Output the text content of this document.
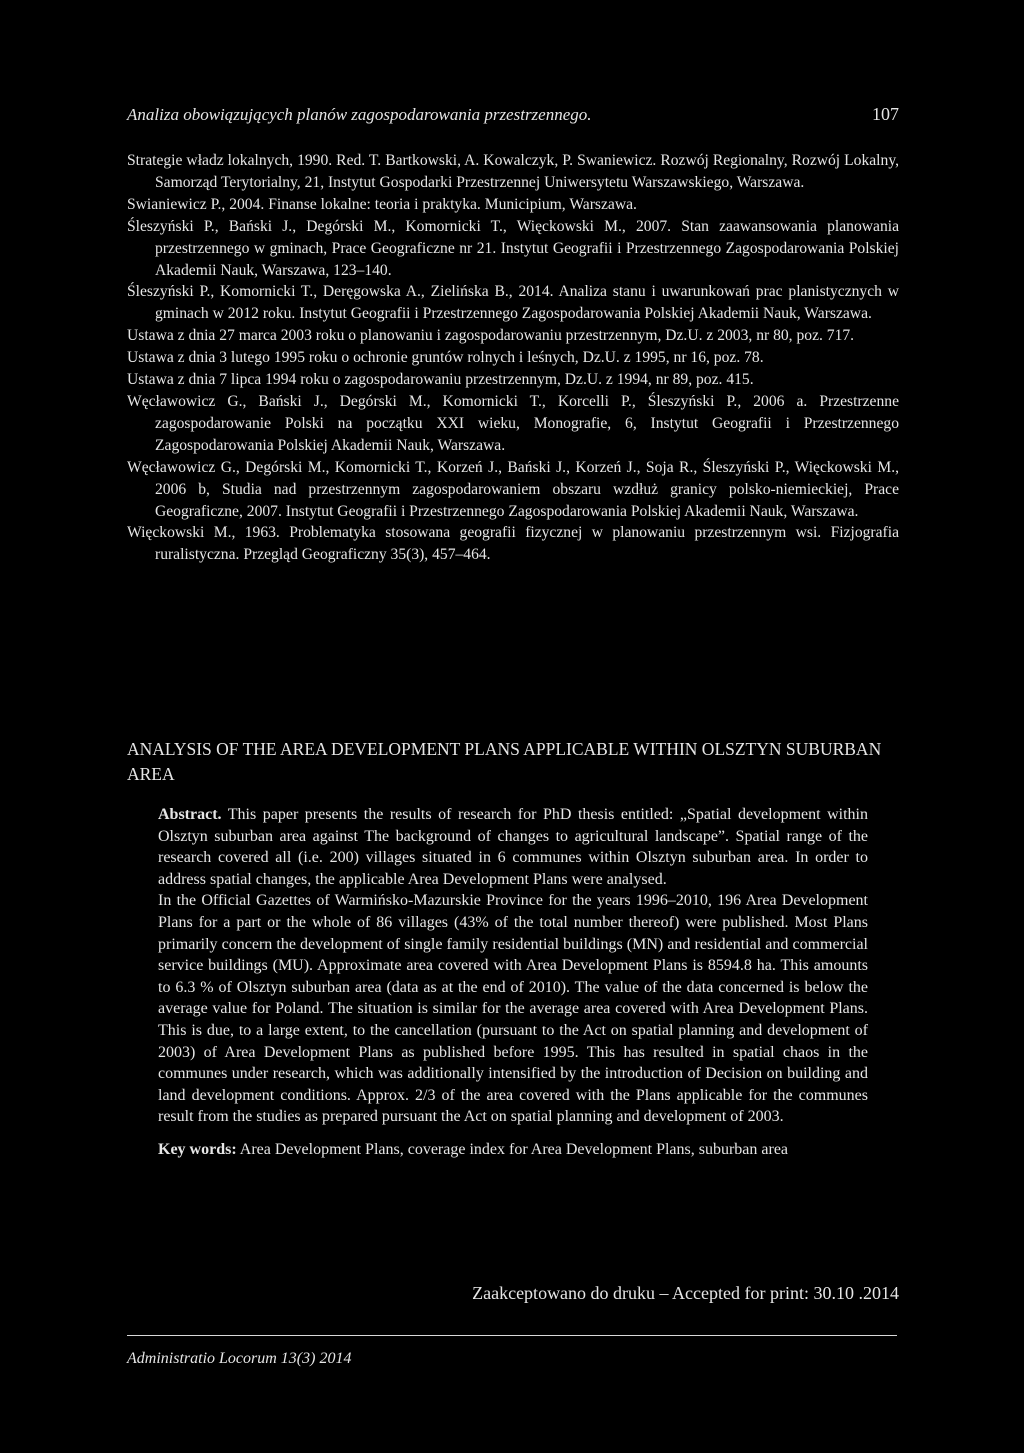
Analiza obowiązujących planów zagospodarowania przestrzennego.	107
Strategie władz lokalnych, 1990. Red. T. Bartkowski, A. Kowalczyk, P. Swaniewicz. Rozwój Regionalny, Rozwój Lokalny, Samorząd Terytorialny, 21, Instytut Gospodarki Przestrzennej Uniwersytetu Warszawskiego, Warszawa.
Swianiewicz P., 2004. Finanse lokalne: teoria i praktyka. Municipium, Warszawa.
Śleszyński P., Bański J., Degórski M., Komornicki T., Więckowski M., 2007. Stan zaawansowania planowania przestrzennego w gminach, Prace Geograficzne nr 21. Instytut Geografii i Przestrzennego Zagospodarowania Polskiej Akademii Nauk, Warszawa, 123–140.
Śleszyński P., Komornicki T., Deręgowska A., Zielińska B., 2014. Analiza stanu i uwarunkowań prac planistycznych w gminach w 2012 roku. Instytut Geografii i Przestrzennego Zagospodarowania Polskiej Akademii Nauk, Warszawa.
Ustawa z dnia 27 marca 2003 roku o planowaniu i zagospodarowaniu przestrzennym, Dz.U. z 2003, nr 80, poz. 717.
Ustawa z dnia 3 lutego 1995 roku o ochronie gruntów rolnych i leśnych, Dz.U. z 1995, nr 16, poz. 78.
Ustawa z dnia 7 lipca 1994 roku o zagospodarowaniu przestrzennym, Dz.U. z 1994, nr 89, poz. 415.
Węcławowicz G., Bański J., Degórski M., Komornicki T., Korcelli P., Śleszyński P., 2006 a. Przestrzenne zagospodarowanie Polski na początku XXI wieku, Monografie, 6, Instytut Geografii i Przestrzennego Zagospodarowania Polskiej Akademii Nauk, Warszawa.
Węcławowicz G., Degórski M., Komornicki T., Korzeń J., Bański J., Korzeń J., Soja R., Śleszyński P., Więckowski M., 2006 b, Studia nad przestrzennym zagospodarowaniem obszaru wzdłuż granicy polsko-niemieckiej, Prace Geograficzne, 2007. Instytut Geografii i Przestrzennego Zagospodarowania Polskiej Akademii Nauk, Warszawa.
Więckowski M., 1963. Problematyka stosowana geografii fizycznej w planowaniu przestrzennym wsi. Fizjografia ruralistyczna. Przegląd Geograficzny 35(3), 457–464.
ANALYSIS OF THE AREA DEVELOPMENT PLANS APPLICABLE WITHIN OLSZTYN SUBURBAN AREA

Abstract. This paper presents the results of research for PhD thesis entitled: „Spatial development within Olsztyn suburban area against The background of changes to agricultural landscape”. Spatial range of the research covered all (i.e. 200) villages situated in 6 communes within Olsztyn suburban area. In order to address spatial changes, the applicable Area Development Plans were analysed.

In the Official Gazettes of Warmińsko-Mazurskie Province for the years 1996–2010, 196 Area Development Plans for a part or the whole of 86 villages (43% of the total number thereof) were published. Most Plans primarily concern the development of single family residential buildings (MN) and residential and commercial service buildings (MU). Approximate area covered with Area Development Plans is 8594.8 ha. This amounts to 6.3 % of Olsztyn suburban area (data as at the end of 2010). The value of the data concerned is below the average value for Poland. The situation is similar for the average area covered with Area Development Plans. This is due, to a large extent, to the cancellation (pursuant to the Act on spatial planning and development of 2003) of Area Development Plans as published before 1995. This has resulted in spatial chaos in the communes under research, which was additionally intensified by the introduction of Decision on building and land development conditions. Approx. 2/3 of the area covered with the Plans applicable for the communes result from the studies as prepared pursuant the Act on spatial planning and development of 2003.

Key words: Area Development Plans, coverage index for Area Development Plans, suburban area

Zaakceptowano do druku – Accepted for print: 30.10 .2014
Administratio Locorum 13(3) 2014
